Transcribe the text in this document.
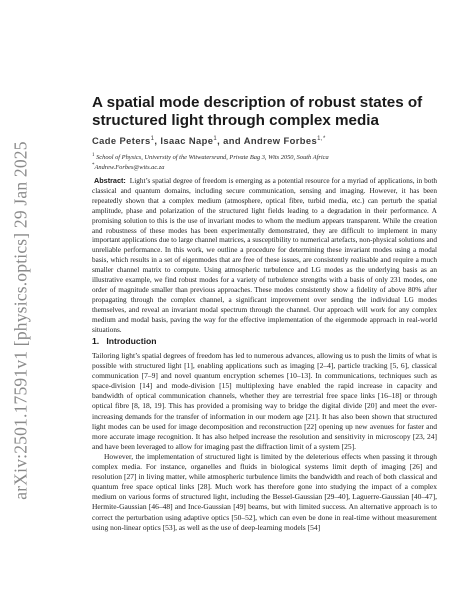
arXiv:2501.17591v1 [physics.optics] 29 Jan 2025
A spatial mode description of robust states of structured light through complex media
Cade Peters$^1$, Isaac Nape$^1$, and Andrew Forbes$^{1,*}$
$^1$ School of Physics, University of the Witwatersrand, Private Bag 3, Wits 2050, South Africa
*Andrew.Forbes@wits.ac.za

Abstract: Light’s spatial degree of freedom is emerging as a potential resource for a myriad of applications, in both classical and quantum domains, including secure communication, sensing and imaging. However, it has been repeatedly shown that a complex medium (atmosphere, optical fibre, turbid media, etc.) can perturb the spatial amplitude, phase and polarization of the structured light fields leading to a degradation in their performance. A promising solution to this is the use of invariant modes to whom the medium appears transparent. While the creation and robustness of these modes has been experimentally demonstrated, they are difficult to implement in many important applications due to large channel matrices, a susceptibility to numerical artefacts, non-physical solutions and unreliable performance. In this work, we outline a procedure for determining these invariant modes using a modal basis, which results in a set of eigenmodes that are free of these issues, are consistently realisable and require a much smaller channel matrix to compute. Using atmospheric turbulence and LG modes as the underlying basis as an illustrative example, we find robust modes for a variety of turbulence strengths with a basis of only 231 modes, one order of magnitude smaller than previous approaches. These modes consistently show a fidelity of above 80% after propagating through the complex channel, a significant improvement over sending the individual LG modes themselves, and reveal an invariant modal spectrum through the channel. Our approach will work for any complex medium and modal basis, paving the way for the effective implementation of the eigenmode approach in real-world situations.

1. Introduction

Tailoring light’s spatial degrees of freedom has led to numerous advances, allowing us to push the limits of what is possible with structured light [1], enabling applications such as imaging [2–4], particle tracking [5, 6], classical communication [7–9] and novel quantum encryption schemes [10–13]. In communications, techniques such as space-division [14] and mode-division [15] multiplexing have enabled the rapid increase in capacity and bandwidth of optical communication channels, whether they are terrestrial free space links [16–18] or through optical fibre [8, 18, 19]. This has provided a promising way to bridge the digital divide [20] and meet the ever-increasing demands for the transfer of information in our modern age [21]. It has also been shown that structured light modes can be used for image decomposition and reconstruction [22] opening up new avenues for faster and more accurate image recognition. It has also helped increase the resolution and sensitivity in microscopy [23, 24] and have been leveraged to allow for imaging past the diffraction limit of a system [25].

However, the implementation of structured light is limited by the deleterious effects when passing it through complex media. For instance, organelles and fluids in biological systems limit depth of imaging [26] and resolution [27] in living matter, while atmospheric turbulence limits the bandwidth and reach of both classical and quantum free space optical links [28]. Much work has therefore gone into studying the impact of a complex medium on various forms of structured light, including the Bessel-Gaussian [29–40], Laguerre-Gaussian [40–47], Hermite-Gaussian [46–48] and Ince-Gaussian [49] beams, but with limited success. An alternative approach is to correct the perturbation using adaptive optics [50–52], which can even be done in real-time without measurement using non-linear optics [53], as well as the use of deep-learning models [54]
